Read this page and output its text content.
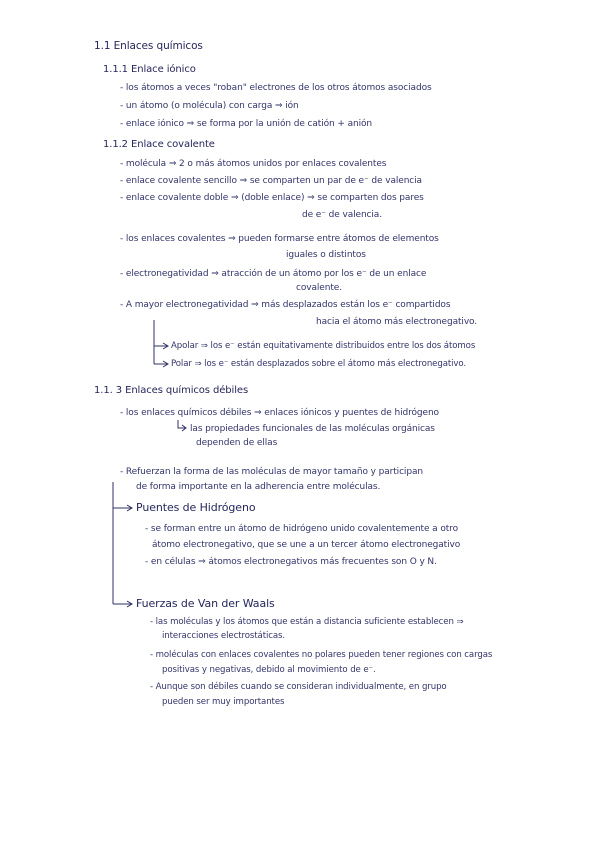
1.1 Enlaces químicos
1.1.1 Enlace iónico
- los átomos a veces "roban" electrones de los otros átomos asociados
- un átomo (o molécula) con carga ⇒ ión
- enlace iónico ⇒ se forma por la unión de catión + anión
1.1.2 Enlace covalente
- molécula ⇒ 2 o más átomos unidos por enlaces covalentes
- enlace covalente sencillo ⇒ se comparten un par de e⁻ de valencia
- enlace covalente doble ⇒ (doble enlace) ⇒ se comparten dos pares
de e⁻ de valencia.
- los enlaces covalentes ⇒ pueden formarse entre átomos de elementos
iguales o distintos
- electronegatividad ⇒ atracción de un átomo por los e⁻ de un enlace
covalente.
- A mayor electronegatividad ⇒ más desplazados están los e⁻ compartidos
hacia el átomo más electronegativo.
Apolar ⇒ los e⁻ están equitativamente distribuidos entre los dos átomos
Polar ⇒ los e⁻ están desplazados sobre el átomo más electronegativo.
1.1. 3 Enlaces químicos débiles
- los enlaces químicos débiles ⇒ enlaces iónicos y puentes de hidrógeno
las propiedades funcionales de las moléculas orgánicas
dependen de ellas
- Refuerzan la forma de las moléculas de mayor tamaño y participan
de forma importante en la adherencia entre moléculas.
Puentes de Hidrógeno
- se forman entre un átomo de hidrógeno unido covalentemente a otro
átomo electronegativo, que se une a un tercer átomo electronegativo
- en células ⇒ átomos electronegativos más frecuentes son O y N.
Fuerzas de Van der Waals
- las moléculas y los átomos que están a distancia suficiente establecen ⇒
interacciones electrostáticas.
- moléculas con enlaces covalentes no polares pueden tener regiones con cargas
positivas y negativas, debido al movimiento de e⁻.
- Aunque son débiles cuando se consideran individualmente, en grupo
pueden ser muy importantes
